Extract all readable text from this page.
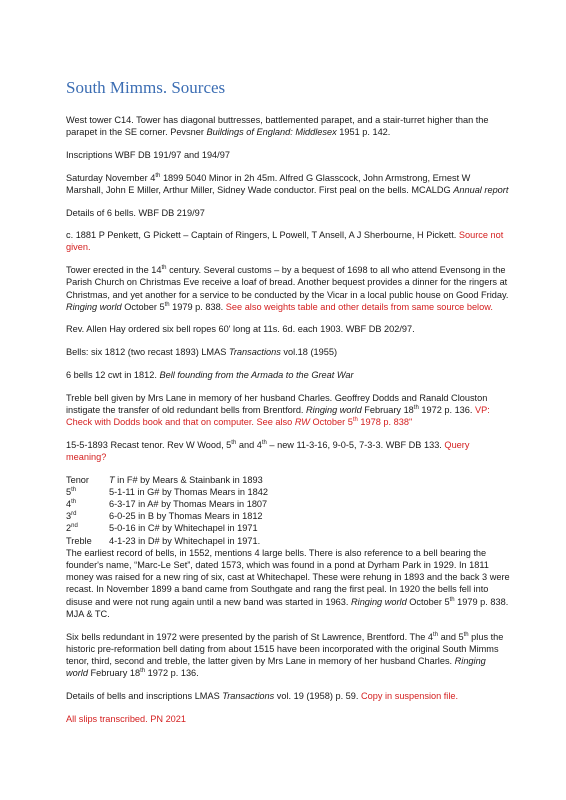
South Mimms. Sources

West tower C14. Tower has diagonal buttresses, battlemented parapet, and a stair-turret higher than the parapet in the SE corner. Pevsner Buildings of England: Middlesex 1951 p. 142.

Inscriptions WBF DB 191/97 and 194/97

Saturday November 4th 1899 5040 Minor in 2h 45m. Alfred G Glasscock, John Armstrong, Ernest W Marshall, John E Miller, Arthur Miller, Sidney Wade conductor. First peal on the bells. MCALDG Annual report

Details of 6 bells. WBF DB 219/97

c. 1881 P Penkett, G Pickett – Captain of Ringers, L Powell, T Ansell, A J Sherbourne, H Pickett. Source not given.

Tower erected in the 14th century. Several customs – by a bequest of 1698 to all who attend Evensong in the Parish Church on Christmas Eve receive a loaf of bread. Another bequest provides a dinner for the ringers at Christmas, and yet another for a service to be conducted by the Vicar in a local public house on Good Friday. Ringing world October 5th 1979 p. 838. See also weights table and other details from same source below.

Rev. Allen Hay ordered six bell ropes 60' long at 11s. 6d. each 1903. WBF DB 202/97.

Bells: six 1812 (two recast 1893) LMAS Transactions vol.18 (1955)

6 bells 12 cwt in 1812. Bell founding from the Armada to the Great War

Treble bell given by Mrs Lane in memory of her husband Charles. Geoffrey Dodds and Ranald Clouston instigate the transfer of old redundant bells from Brentford. Ringing world February 18th 1972 p. 136. VP: Check with Dodds book and that on computer. See also RW October 5th 1978 p. 838"

15-5-1893 Recast tenor. Rev W Wood, 5th and 4th – new 11-3-16, 9-0-5, 7-3-3. WBF DB 133. Query meaning?

Tenor	T in F# by Mears & Stainbank in 1893
5th	5-1-11 in G# by Thomas Mears in 1842
4th	6-3-17 in A# by Thomas Mears in 1807
3rd	6-0-25 in B by Thomas Mears in 1812
2nd	5-0-16 in C# by Whitechapel in 1971
Treble	4-1-23 in D# by Whitechapel in 1971.

The earliest record of bells, in 1552, mentions 4 large bells. There is also reference to a bell bearing the founder's name, “Marc-Le Set”, dated 1573, which was found in a pond at Dyrham Park in 1929. In 1811 money was raised for a new ring of six, cast at Whitechapel. These were rehung in 1893 and the back 3 were recast. In November 1899 a band came from Southgate and rang the first peal. In 1920 the bells fell into disuse and were not rung again until a new band was started in 1963. Ringing world October 5th 1979 p. 838. MJA & TC.

Six bells redundant in 1972 were presented by the parish of St Lawrence, Brentford. The 4th and 5th plus the historic pre-reformation bell dating from about 1515 have been incorporated with the original South Mimms tenor, third, second and treble, the latter given by Mrs Lane in memory of her husband Charles. Ringing world February 18th 1972 p. 136.

Details of bells and inscriptions LMAS Transactions vol. 19 (1958) p. 59. Copy in suspension file.

All slips transcribed. PN 2021
